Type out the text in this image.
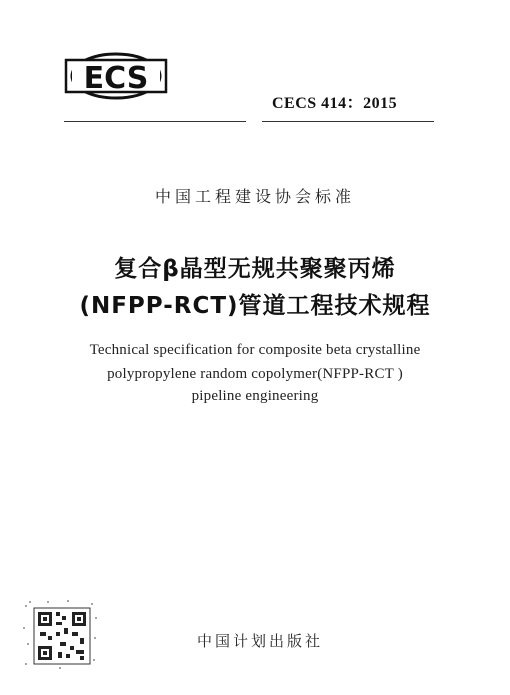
ECS
CECS 414：2015
中国工程建设协会标准
复合β晶型无规共聚聚丙烯
(NFPP-RCT)管道工程技术规程
Technical specification for composite beta crystalline
polypropylene random copolymer(NFPP-RCT )
pipeline engineering
中国计划出版社
